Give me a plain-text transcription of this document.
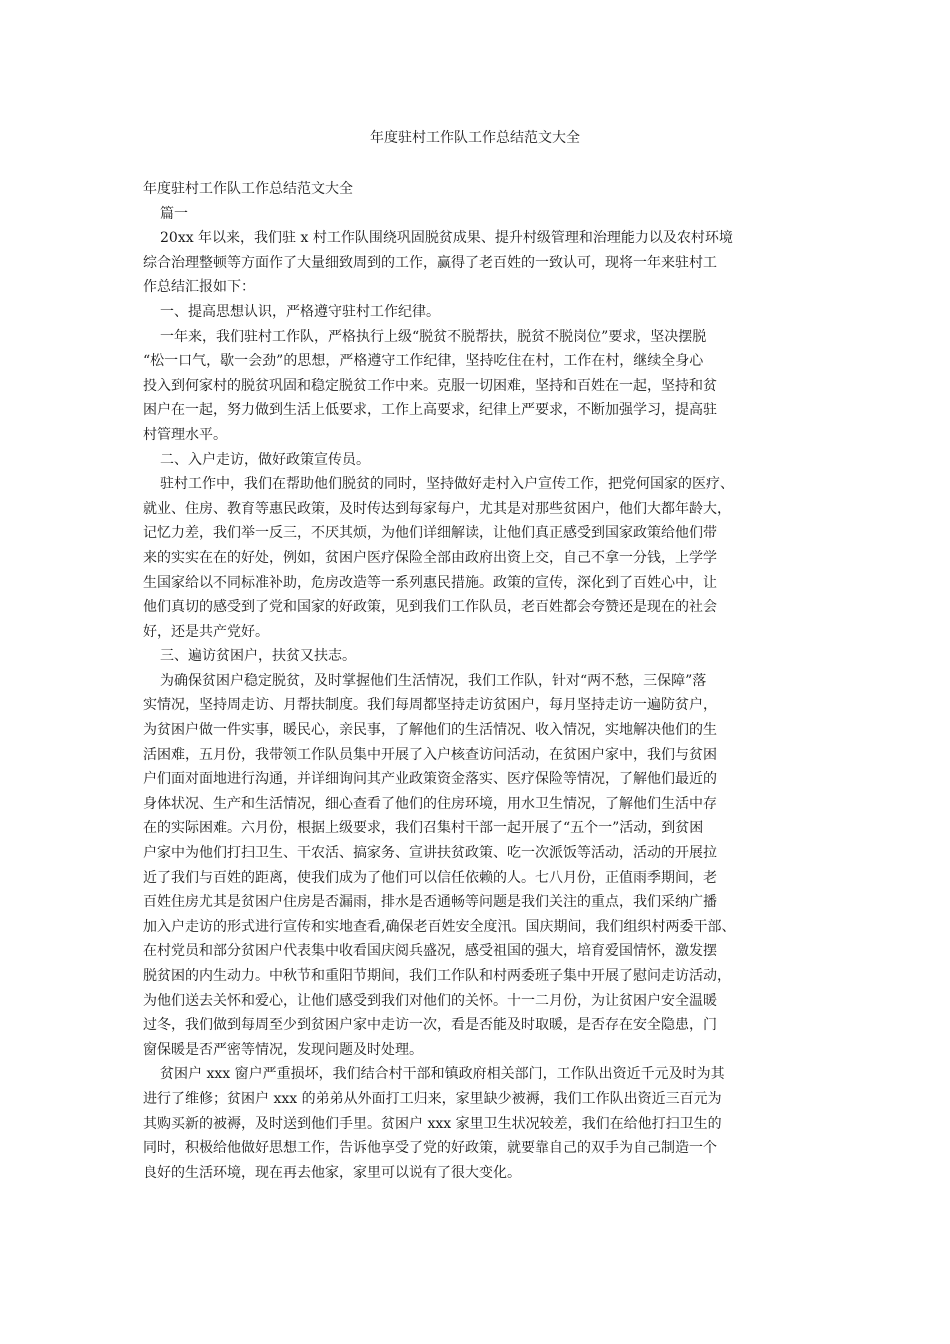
年度驻村工作队工作总结范文大全

年度驻村工作队工作总结范文大全

篇一

20xx 年以来，我们驻 x 村工作队围绕巩固脱贫成果、提升村级管理和治理能力以及农村环境
综合治理整顿等方面作了大量细致周到的工作，赢得了老百姓的一致认可，现将一年来驻村工
作总结汇报如下：

一、提高思想认识，严格遵守驻村工作纪律。

一年来，我们驻村工作队，严格执行上级“脱贫不脱帮扶，脱贫不脱岗位”要求，坚决摆脱
“松一口气，歇一会劲”的思想，严格遵守工作纪律，坚持吃住在村，工作在村，继续全身心
投入到何家村的脱贫巩固和稳定脱贫工作中来。克服一切困难，坚持和百姓在一起，坚持和贫
困户在一起，努力做到生活上低要求，工作上高要求，纪律上严要求，不断加强学习，提高驻
村管理水平。

二、入户走访，做好政策宣传员。

驻村工作中，我们在帮助他们脱贫的同时，坚持做好走村入户宣传工作，把党何国家的医疗、
就业、住房、教育等惠民政策，及时传达到每家每户，尤其是对那些贫困户，他们大都年龄大，
记忆力差，我们举一反三，不厌其烦，为他们详细解读，让他们真正感受到国家政策给他们带
来的实实在在的好处，例如，贫困户医疗保险全部由政府出资上交，自己不拿一分钱，上学学
生国家给以不同标准补助，危房改造等一系列惠民措施。政策的宣传，深化到了百姓心中，让
他们真切的感受到了党和国家的好政策，见到我们工作队员，老百姓都会夸赞还是现在的社会
好，还是共产党好。

三、遍访贫困户，扶贫又扶志。

为确保贫困户稳定脱贫，及时掌握他们生活情况，我们工作队，针对“两不愁，三保障”落
实情况，坚持周走访、月帮扶制度。我们每周都坚持走访贫困户，每月坚持走访一遍防贫户，
为贫困户做一件实事，暖民心，亲民事，了解他们的生活情况、收入情况，实地解决他们的生
活困难，五月份，我带领工作队员集中开展了入户核查访问活动，在贫困户家中，我们与贫困
户们面对面地进行沟通，并详细询问其产业政策资金落实、医疗保险等情况，了解他们最近的
身体状况、生产和生活情况，细心查看了他们的住房环境，用水卫生情况，了解他们生活中存
在的实际困难。六月份，根据上级要求，我们召集村干部一起开展了“五个一”活动，到贫困
户家中为他们打扫卫生、干农活、搞家务、宣讲扶贫政策、吃一次派饭等活动，活动的开展拉
近了我们与百姓的距离，使我们成为了他们可以信任依赖的人。七八月份，正值雨季期间，老
百姓住房尤其是贫困户住房是否漏雨，排水是否通畅等问题是我们关注的重点，我们采纳广播
加入户走访的形式进行宣传和实地查看,确保老百姓安全度汛。国庆期间，我们组织村两委干部、
在村党员和部分贫困户代表集中收看国庆阅兵盛况，感受祖国的强大，培育爱国情怀，激发摆
脱贫困的内生动力。中秋节和重阳节期间，我们工作队和村两委班子集中开展了慰问走访活动，
为他们送去关怀和爱心，让他们感受到我们对他们的关怀。十一二月份，为让贫困户安全温暖
过冬，我们做到每周至少到贫困户家中走访一次，看是否能及时取暖，是否存在安全隐患，门
窗保暖是否严密等情况，发现问题及时处理。

贫困户 xxx 窗户严重损坏，我们结合村干部和镇政府相关部门，工作队出资近千元及时为其
进行了维修；贫困户 xxx 的弟弟从外面打工归来，家里缺少被褥，我们工作队出资近三百元为
其购买新的被褥，及时送到他们手里。贫困户 xxx 家里卫生状况较差，我们在给他打扫卫生的
同时，积极给他做好思想工作，告诉他享受了党的好政策，就要靠自己的双手为自己制造一个
良好的生活环境，现在再去他家，家里可以说有了很大变化。
